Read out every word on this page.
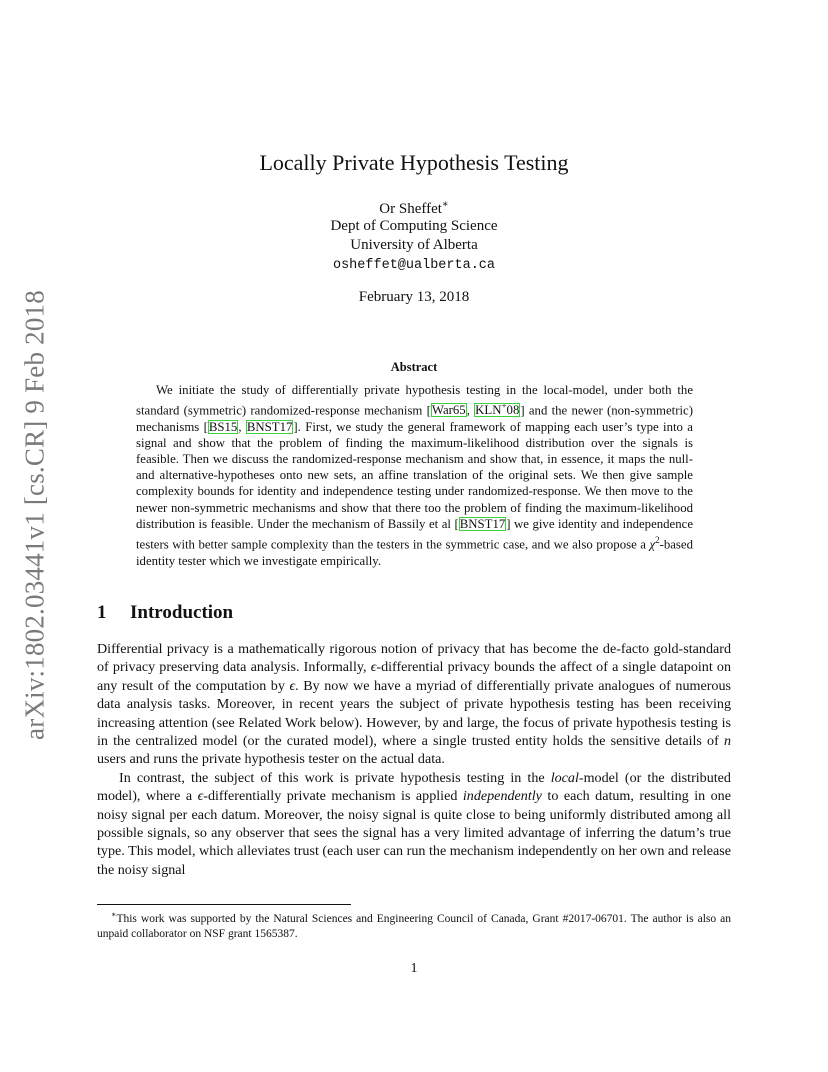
arXiv:1802.03441v1 [cs.CR] 9 Feb 2018
Locally Private Hypothesis Testing
Or Sheffet∗
Dept of Computing Science
University of Alberta
osheffet@ualberta.ca
February 13, 2018
Abstract

We initiate the study of differentially private hypothesis testing in the local-model, under both the standard (symmetric) randomized-response mechanism [War65, KLN+08] and the newer (non-symmetric) mechanisms [BS15, BNST17]. First, we study the general framework of mapping each user’s type into a signal and show that the problem of finding the maximum-likelihood distribution over the signals is feasible. Then we discuss the randomized-response mechanism and show that, in essence, it maps the null- and alternative-hypotheses onto new sets, an affine translation of the original sets. We then give sample complexity bounds for identity and independence testing under randomized-response. We then move to the newer non-symmetric mechanisms and show that there too the problem of finding the maximum-likelihood distribution is feasible. Under the mechanism of Bassily et al [BNST17] we give identity and independence testers with better sample complexity than the testers in the symmetric case, and we also propose a $\chi^2$-based identity tester which we investigate empirically.

1 Introduction

Differential privacy is a mathematically rigorous notion of privacy that has become the de-facto gold-standard of privacy preserving data analysis. Informally, ϵ-differential privacy bounds the affect of a single datapoint on any result of the computation by ϵ. By now we have a myriad of differentially private analogues of numerous data analysis tasks. Moreover, in recent years the subject of private hypothesis testing has been receiving increasing attention (see Related Work below). However, by and large, the focus of private hypothesis testing is in the centralized model (or the curated model), where a single trusted entity holds the sensitive details of n users and runs the private hypothesis tester on the actual data.

In contrast, the subject of this work is private hypothesis testing in the local-model (or the distributed model), where a ϵ-differentially private mechanism is applied independently to each datum, resulting in one noisy signal per each datum. Moreover, the noisy signal is quite close to being uniformly distributed among all possible signals, so any observer that sees the signal has a very limited advantage of inferring the datum’s true type. This model, which alleviates trust (each user can run the mechanism independently on her own and release the noisy signal

∗This work was supported by the Natural Sciences and Engineering Council of Canada, Grant #2017-06701. The author is also an unpaid collaborator on NSF grant 1565387.

1
